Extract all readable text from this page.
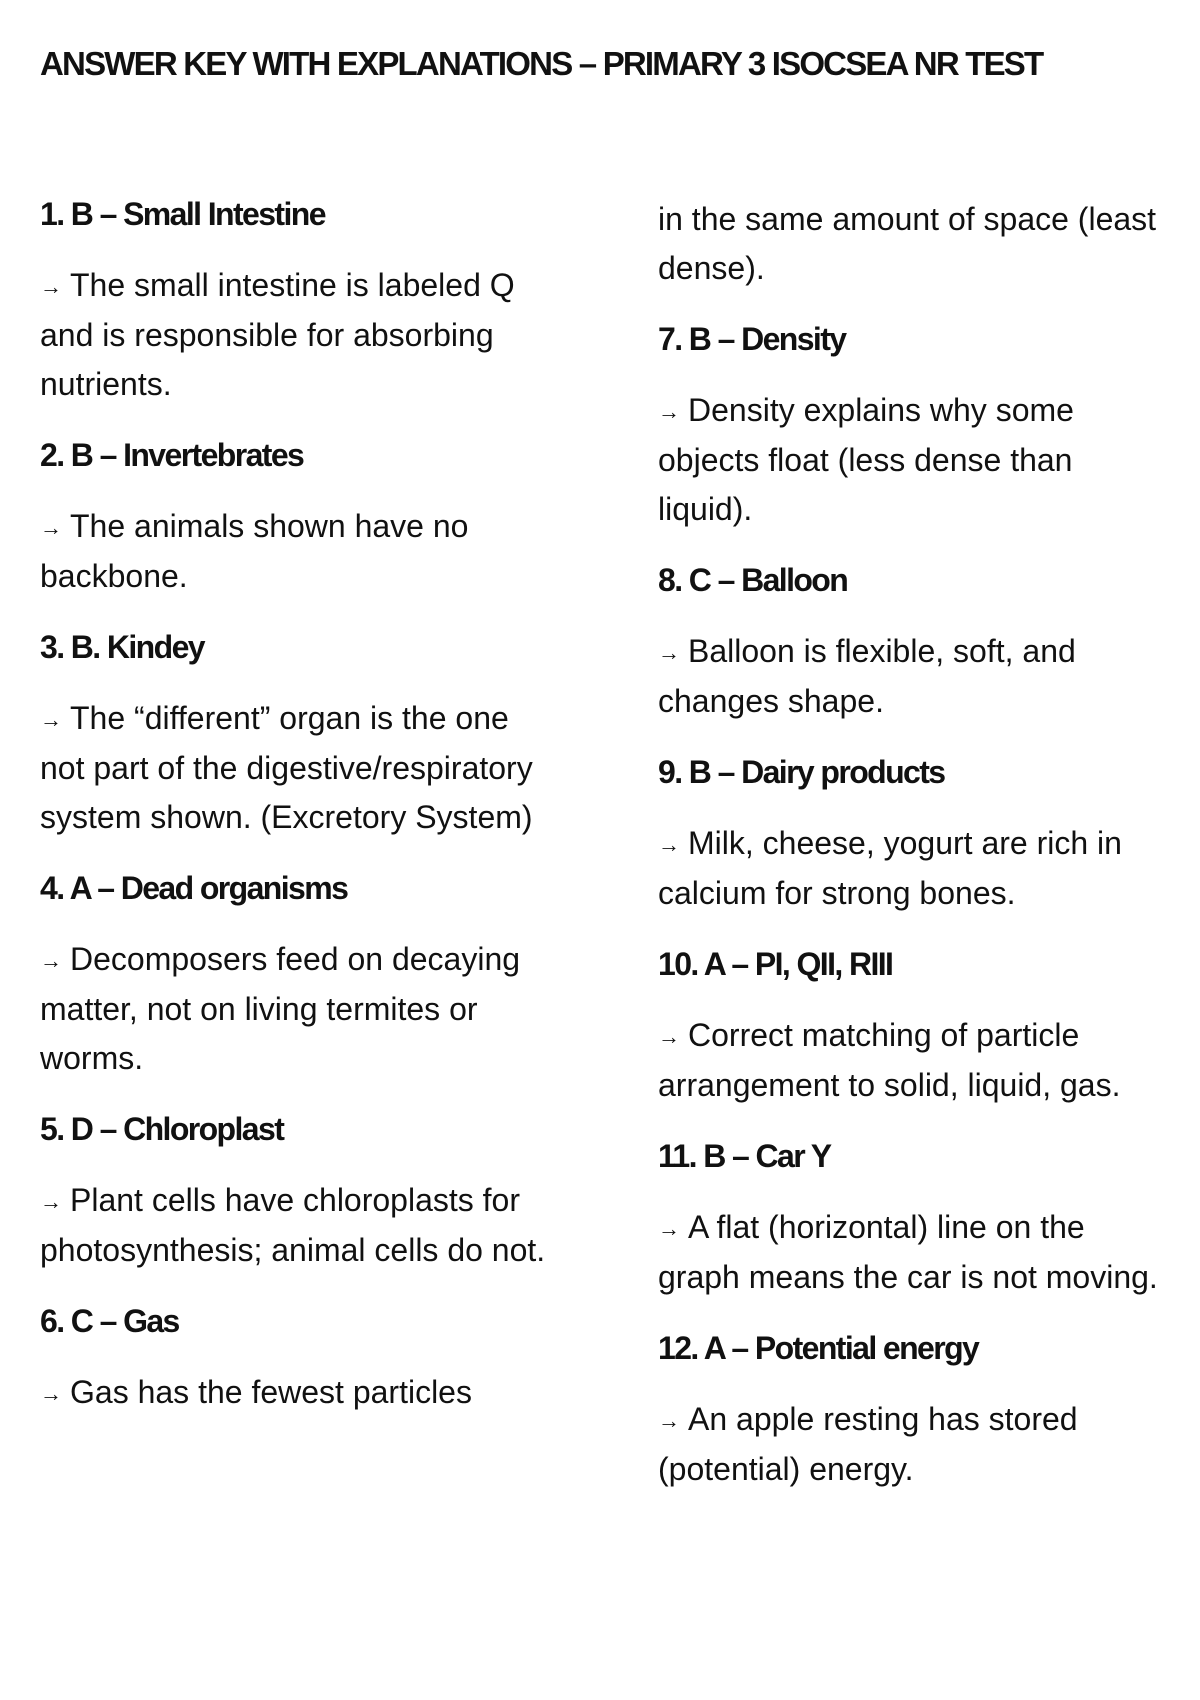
ANSWER KEY WITH EXPLANATIONS – PRIMARY 3 ISOCSEA NR TEST

1. B – Small Intestine

→ The small intestine is labeled Q and is responsible for absorbing nutrients.

2. B – Invertebrates

→ The animals shown have no backbone.

3. B. Kindey

→ The “different” organ is the one not part of the digestive/respiratory system shown. (Excretory System)

4. A – Dead organisms

→ Decomposers feed on decaying matter, not on living termites or worms.

5. D – Chloroplast

→ Plant cells have chloroplasts for photosynthesis; animal cells do not.

6. C – Gas

→ Gas has the fewest particles

in the same amount of space (least dense).

7. B – Density

→ Density explains why some objects float (less dense than liquid).

8. C – Balloon

→ Balloon is flexible, soft, and changes shape.

9. B – Dairy products

→ Milk, cheese, yogurt are rich in calcium for strong bones.

10. A – PI, QII, RIII

→ Correct matching of particle arrangement to solid, liquid, gas.

11. B – Car Y

→ A flat (horizontal) line on the graph means the car is not moving.

12. A – Potential energy

→ An apple resting has stored (potential) energy.
